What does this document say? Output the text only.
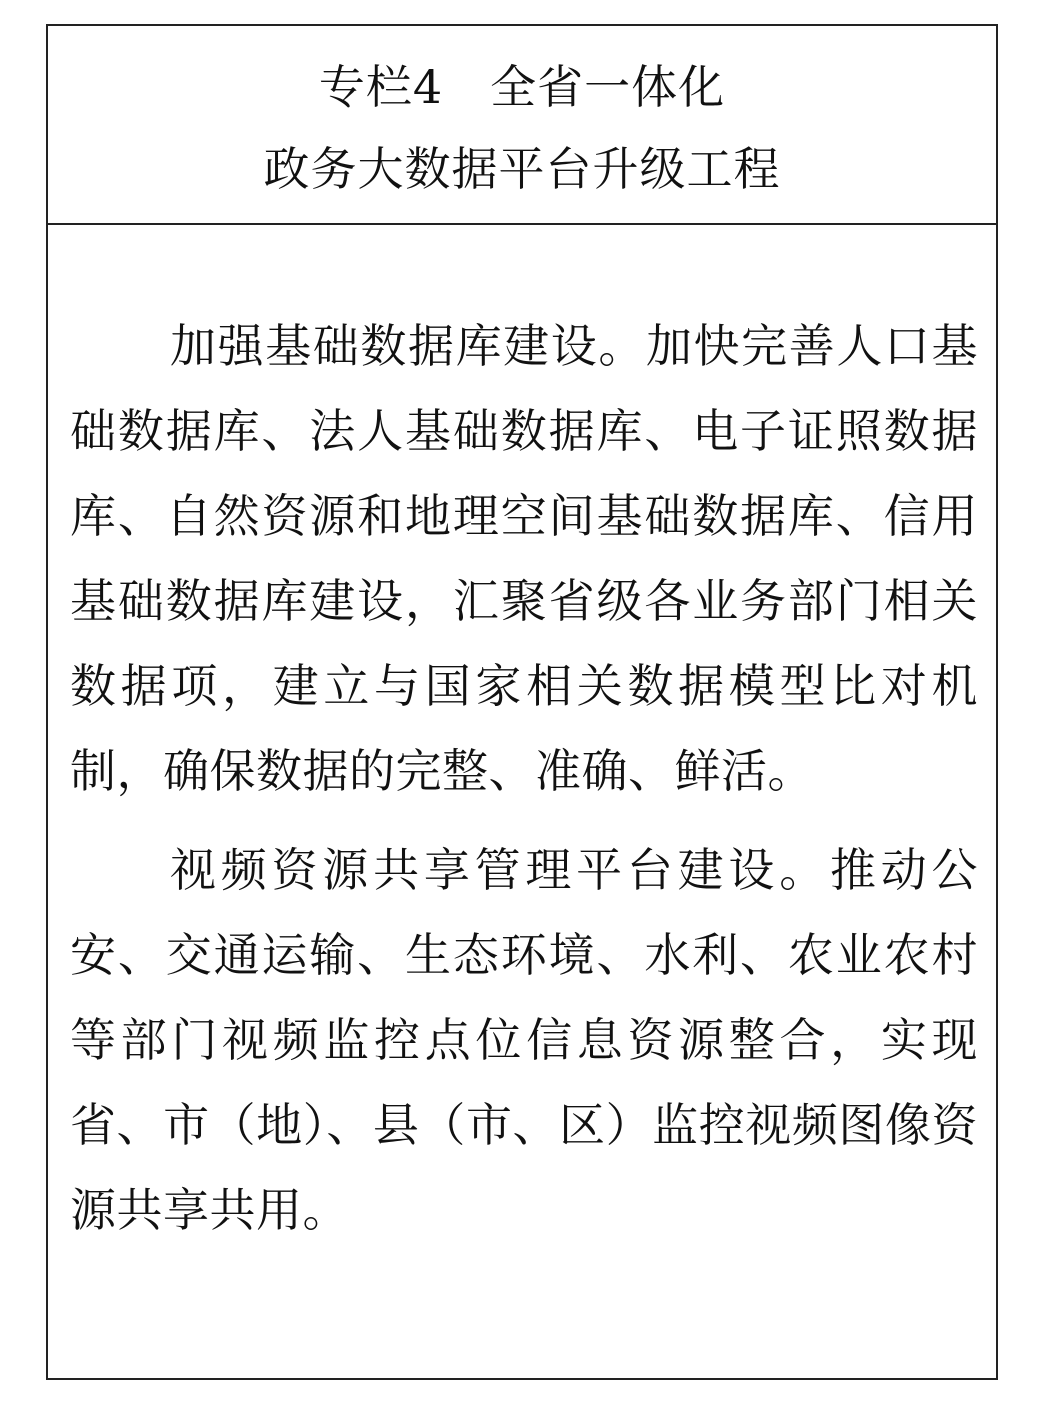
专栏4　全省一体化
政务大数据平台升级工程

加强基础数据库建设。加快完善人口基础数据库、法人基础数据库、电子证照数据库、自然资源和地理空间基础数据库、信用基础数据库建设，汇聚省级各业务部门相关数据项，建立与国家相关数据模型比对机制，确保数据的完整、准确、鲜活。

视频资源共享管理平台建设。推动公安、交通运输、生态环境、水利、农业农村等部门视频监控点位信息资源整合，实现省、市（地）、县（市、区）监控视频图像资源共享共用。
